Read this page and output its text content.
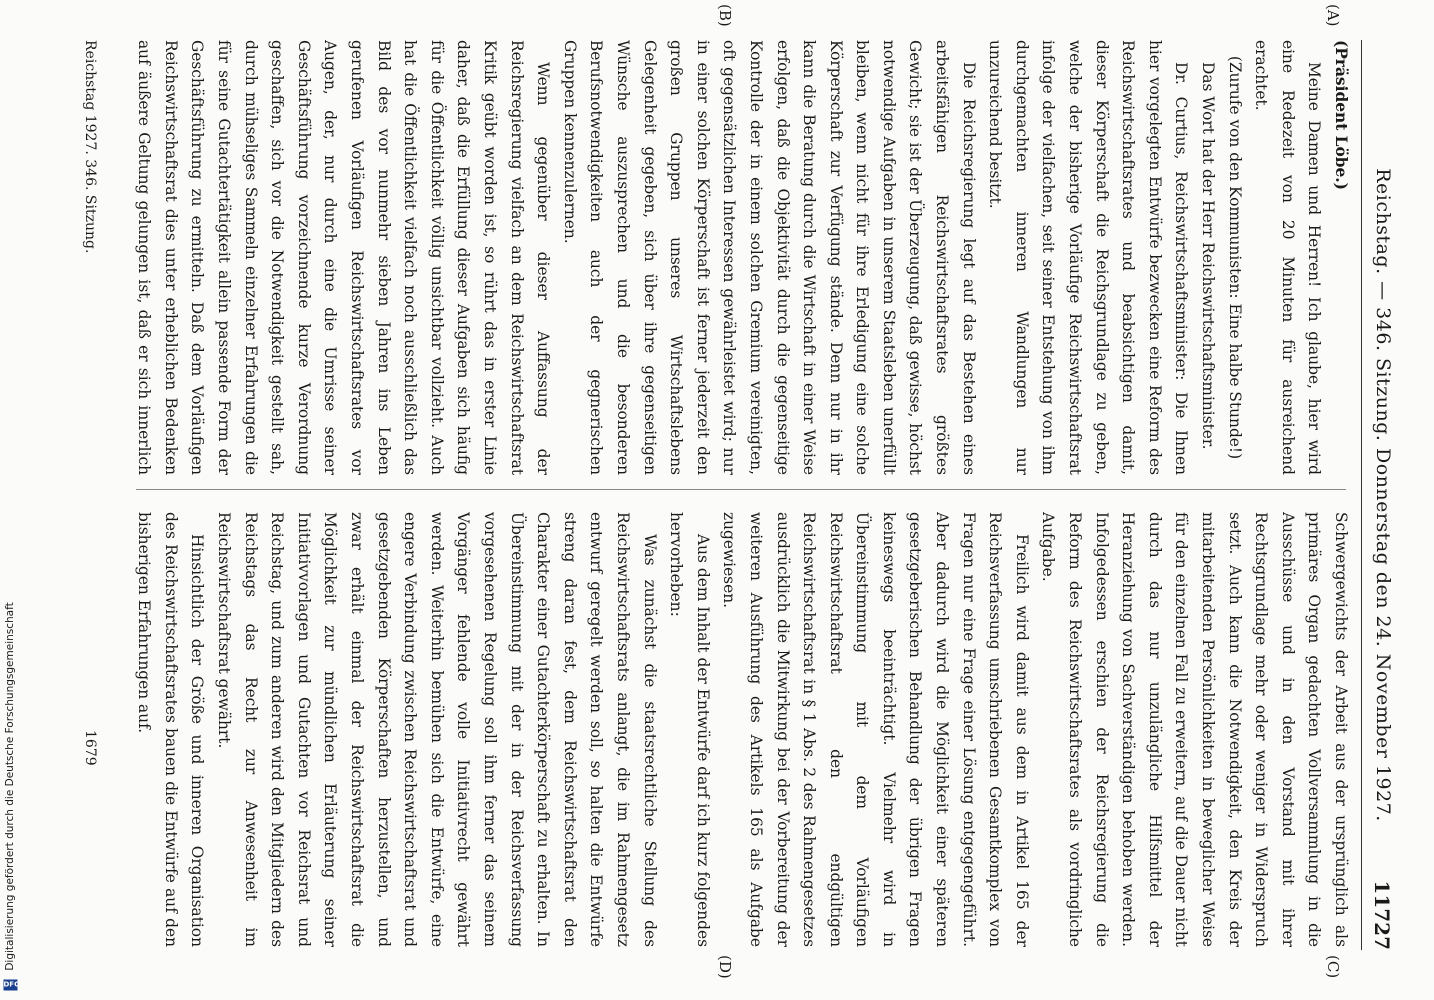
Reichstag. — 346. Sitzung. Donnerstag den 24. November 1927.
11727

(Präsident Löbe.)

Meine Damen und Herren! Ich glaube, hier wird eine Redezeit von 20 Minuten für ausreichend erachtet.

(Zurufe von den Kommunisten: Eine halbe Stunde!)

Das Wort hat der Herr Reichswirtschaftsminister.

Dr. Curtius, Reichswirtschaftsminister: Die Ihnen hier vorgelegten Entwürfe bezwecken eine Reform des Reichswirtschaftsrates und beabsichtigen damit, dieser Körperschaft die Reichsgrundlage zu geben, welche der bisherige Vorläufige Reichswirtschaftsrat infolge der vielfachen, seit seiner Entstehung von ihm durchgemachten inneren Wandlungen nur unzureichend besitzt.

Die Reichsregierung legt auf das Bestehen eines arbeitsfähigen Reichswirtschaftsrates größtes Gewicht; sie ist der Überzeugung, daß gewisse, höchst notwendige Aufgaben in unserem Staatsleben unerfüllt bleiben, wenn nicht für ihre Erledigung eine solche Körperschaft zur Verfügung stände. Denn nur in ihr kann die Beratung durch die Wirtschaft in einer Weise erfolgen, daß die Objektivität durch die gegenseitige Kontrolle der in einem solchen Gremium vereinigten, oft gegensätzlichen Interessen gewährleistet wird; nur in einer solchen Körperschaft ist ferner jederzeit den großen Gruppen unseres Wirtschaftslebens Gelegenheit gegeben, sich über ihre gegenseitigen Wünsche auszusprechen und die besonderen Berufsnotwendigkeiten auch der gegnerischen Gruppen kennenzulernen.

Wenn gegenüber dieser Auffassung der Reichsregierung vielfach an dem Reichswirtschaftsrat Kritik geübt worden ist, so rührt das in erster Linie daher, daß die Erfüllung dieser Aufgaben sich häufig für die Öffentlichkeit völlig unsichtbar vollzieht. Auch hat die Öffentlichkeit vielfach noch ausschließlich das Bild des vor nunmehr sieben Jahren ins Leben gerufenen Vorläufigen Reichswirtschaftsrates vor Augen, der, nur durch eine die Umrisse seiner Geschäftsführung vorzeichnende kurze Verordnung geschaffen, sich vor die Notwendigkeit gestellt sah, durch mühseliges Sammeln einzelner Erfahrungen die für seine Gutachtertätigkeit allein passende Form der Geschäftsführung zu ermitteln. Daß dem Vorläufigen Reichswirtschaftsrat dies unter erheblichen Bedenken auf äußere Geltung gelungen ist, daß er sich innerlich

Schwergewichts der Arbeit aus der ursprünglich als primäres Organ gedachten Vollversammlung in die Ausschüsse und in den Vorstand mit ihrer Rechtsgrundlage mehr oder weniger in Widerspruch setzt. Auch kann die Notwendigkeit, den Kreis der mitarbeitenden Persönlichkeiten in beweglicher Weise für den einzelnen Fall zu erweitern, auf die Dauer nicht durch das nur unzulängliche Hilfsmittel der Heranziehung von Sachverständigen behoben werden. Infolgedessen erschien der Reichsregierung die Reform des Reichswirtschaftsrates als vordringliche Aufgabe.

Freilich wird damit aus dem in Artikel 165 der Reichsverfassung umschriebenen Gesamtkomplex von Fragen nur eine Frage einer Lösung entgegengeführt. Aber dadurch wird die Möglichkeit einer späteren gesetzgeberischen Behandlung der übrigen Fragen keineswegs beeinträchtigt. Vielmehr wird in Übereinstimmung mit dem Vorläufigen Reichswirtschaftsrat den endgültigen Reichswirtschaftsrat in § 1 Abs. 2 des Rahmengesetzes ausdrücklich die Mitwirkung bei der Vorbereitung der weiteren Ausführung des Artikels 165 als Aufgabe zugewiesen.

Aus dem Inhalt der Entwürfe darf ich kurz folgendes hervorheben:

Was zunächst die staatsrechtliche Stellung des Reichswirtschaftsrats anlangt, die im Rahmengesetz entwurf geregelt werden soll, so halten die Entwürfe streng daran fest, dem Reichswirtschaftsrat den Charakter einer Gutachterkörperschaft zu erhalten. In Übereinstimmung mit der in der Reichsverfassung vorgesehenen Regelung soll ihm ferner das seinem Vorgänger fehlende volle Initiativrecht gewährt werden. Weiterhin bemühen sich die Entwürfe, eine engere Verbindung zwischen Reichswirtschaftsrat und gesetzgebenden Körperschaften herzustellen, und zwar erhält einmal der Reichswirtschaftsrat die Möglichkeit zur mündlichen Erläuterung seiner Initiativvorlagen und Gutachten vor Reichsrat und Reichstag, und zum anderen wird den Mitgliedern des Reichstags das Recht zur Anwesenheit im Reichswirtschaftsrat gewährt.

Hinsichtlich der Größe und inneren Organisation des Reichswirtschaftsrates bauen die Entwürfe auf den bisherigen Erfahrungen auf.

(A)
(B)
(C)
(D)
Reichstag 1927. 346. Sitzung.
1679
DFG Digitalisierung gefördert durch die Deutsche Forschungsgemeinschaft
